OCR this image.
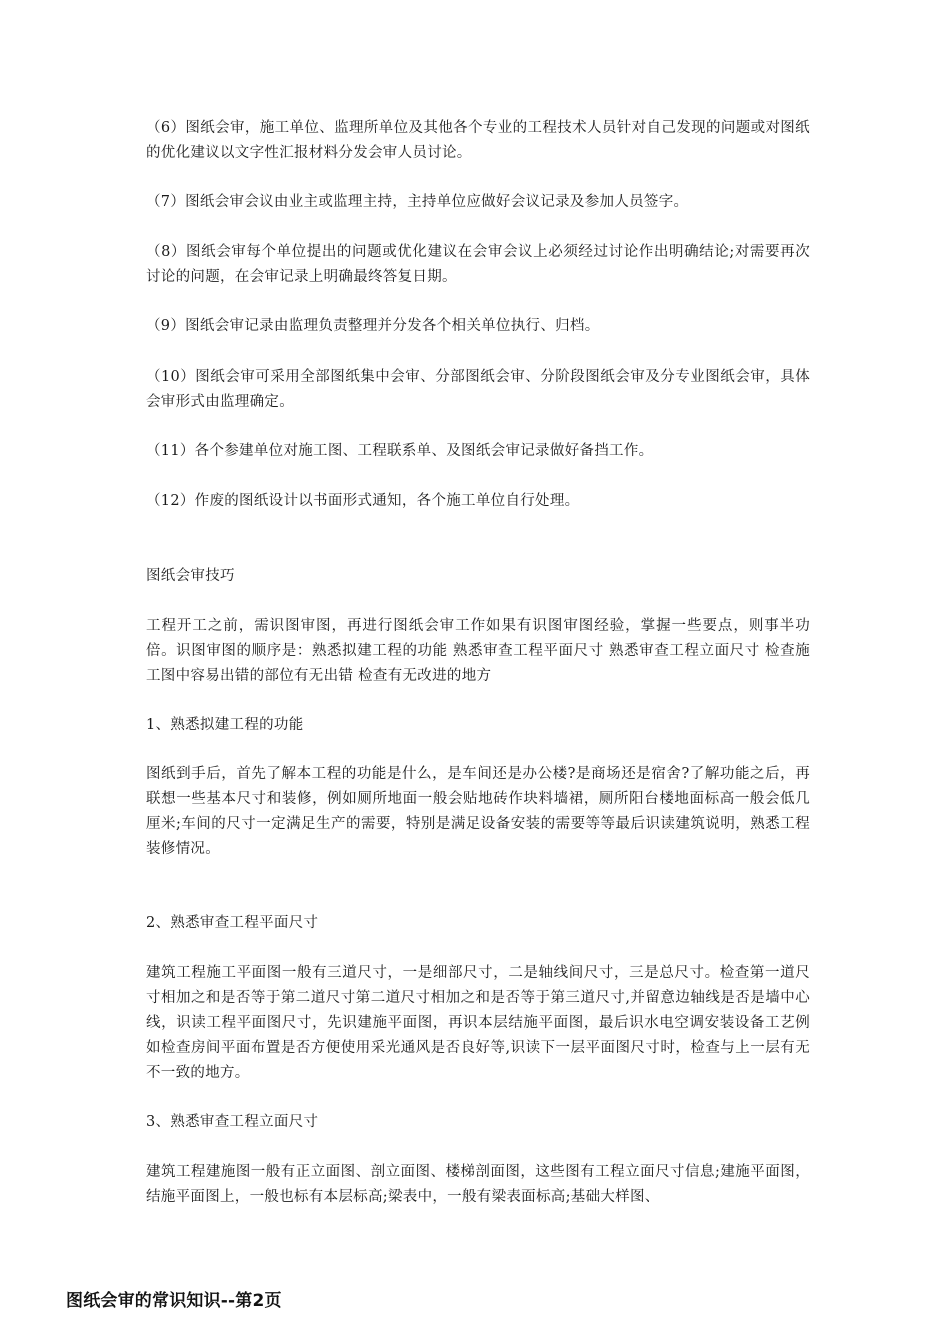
（6）图纸会审，施工单位、监理所单位及其他各个专业的工程技术人员针对自己发现的问题或对图纸的优化建议以文字性汇报材料分发会审人员讨论。

（7）图纸会审会议由业主或监理主持，主持单位应做好会议记录及参加人员签字。

（8）图纸会审每个单位提出的问题或优化建议在会审会议上必须经过讨论作出明确结论;对需要再次讨论的问题，在会审记录上明确最终答复日期。

（9）图纸会审记录由监理负责整理并分发各个相关单位执行、归档。

（10）图纸会审可采用全部图纸集中会审、分部图纸会审、分阶段图纸会审及分专业图纸会审，具体会审形式由监理确定。

（11）各个参建单位对施工图、工程联系单、及图纸会审记录做好备挡工作。

（12）作废的图纸设计以书面形式通知，各个施工单位自行处理。

图纸会审技巧

工程开工之前，需识图审图，再进行图纸会审工作如果有识图审图经验，掌握一些要点，则事半功倍。识图审图的顺序是：熟悉拟建工程的功能 熟悉审查工程平面尺寸 熟悉审查工程立面尺寸 检查施工图中容易出错的部位有无出错 检查有无改进的地方

1、熟悉拟建工程的功能

图纸到手后，首先了解本工程的功能是什么，是车间还是办公楼?是商场还是宿舍?了解功能之后，再联想一些基本尺寸和装修，例如厕所地面一般会贴地砖作块料墙裙，厕所阳台楼地面标高一般会低几厘米;车间的尺寸一定满足生产的需要，特别是满足设备安装的需要等等最后识读建筑说明，熟悉工程装修情况。

2、熟悉审查工程平面尺寸

建筑工程施工平面图一般有三道尺寸，一是细部尺寸，二是轴线间尺寸，三是总尺寸。检查第一道尺寸相加之和是否等于第二道尺寸第二道尺寸相加之和是否等于第三道尺寸,并留意边轴线是否是墙中心线，识读工程平面图尺寸，先识建施平面图，再识本层结施平面图，最后识水电空调安装设备工艺例如检查房间平面布置是否方便使用采光通风是否良好等,识读下一层平面图尺寸时，检查与上一层有无不一致的地方。

3、熟悉审查工程立面尺寸

建筑工程建施图一般有正立面图、剖立面图、楼梯剖面图，这些图有工程立面尺寸信息;建施平面图，结施平面图上，一般也标有本层标高;梁表中，一般有梁表面标高;基础大样图、

图纸会审的常识知识--第2页
